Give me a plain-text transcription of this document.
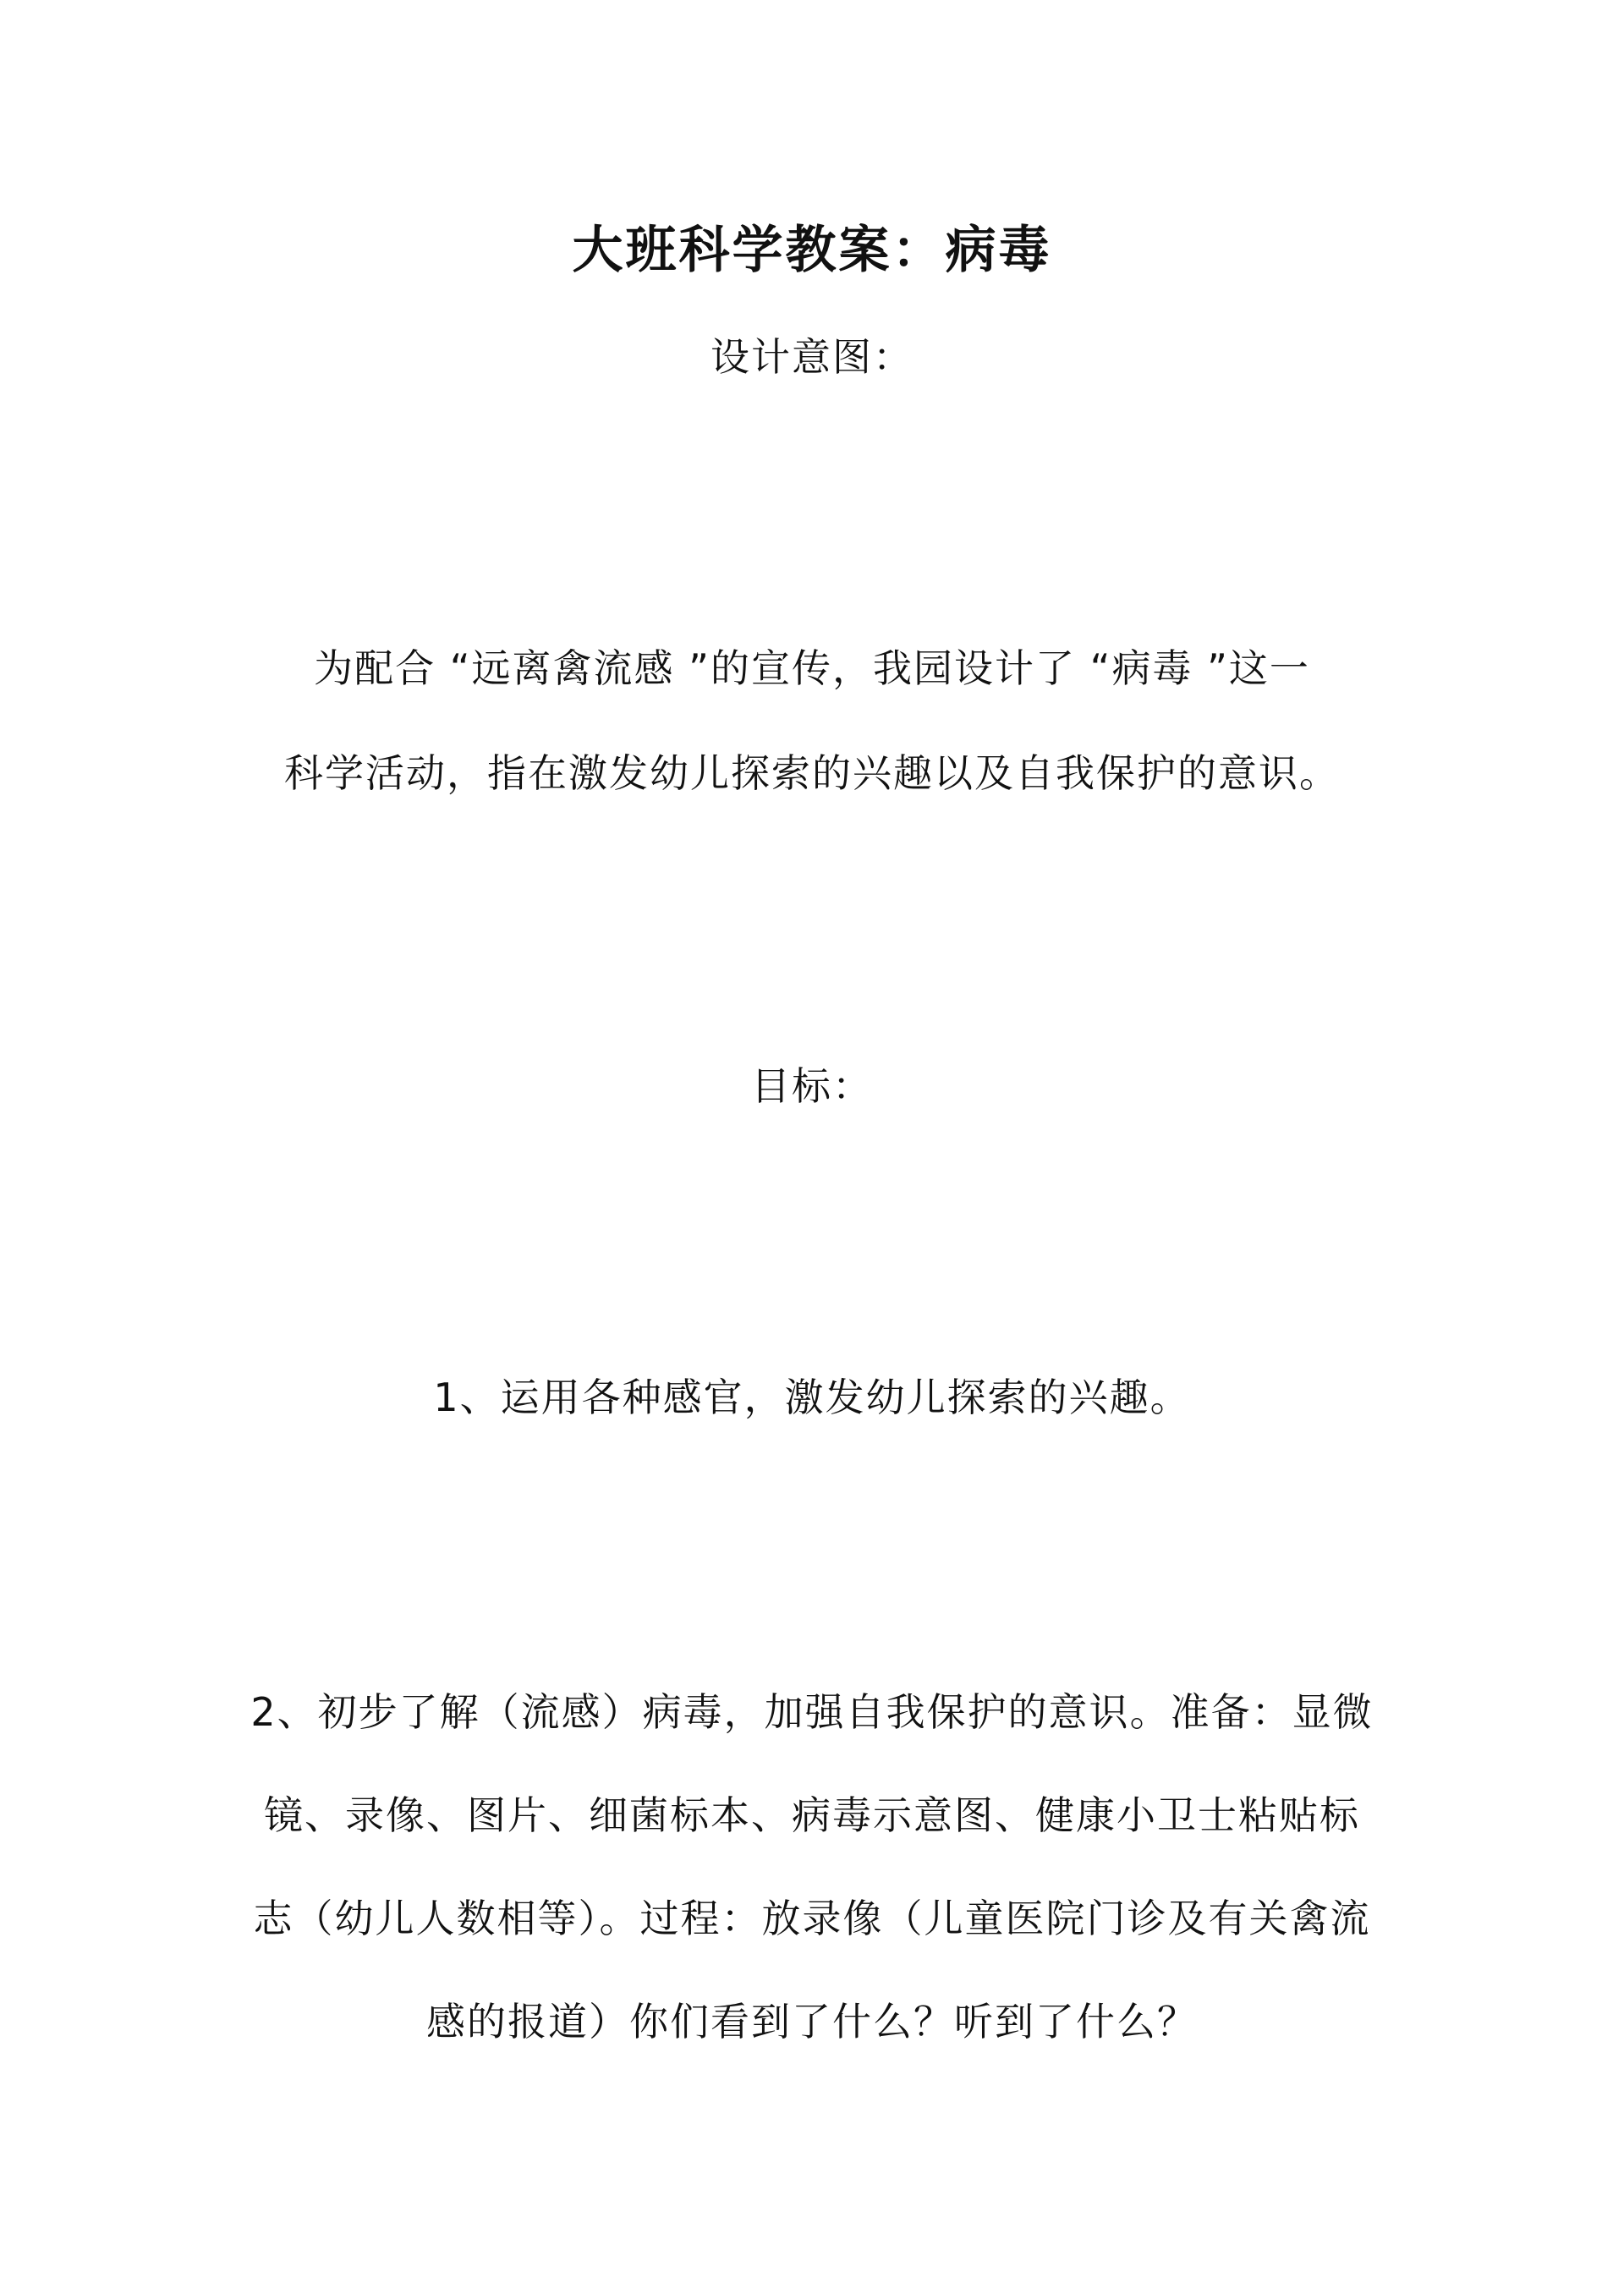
大班科学教案：病毒
设计意图：
为配合 “远离禽流感 ”的宣传，我园设计了 “病毒 ”这一
科学活动，指在激发幼儿探索的兴趣以及自我保护的意识。
目标：
1、运用各种感官，激发幼儿探索的兴趣。
2、初步了解（流感）病毒，加强自我保护的意识。准备：显微
镜、录像、图片、细菌标本、病毒示意图、健康小卫士粘贴标
志（幼儿人数相等）。过程：放录像（儿童医院门诊及有关禽流
感的报道）你们看到了什么？听到了什么？
